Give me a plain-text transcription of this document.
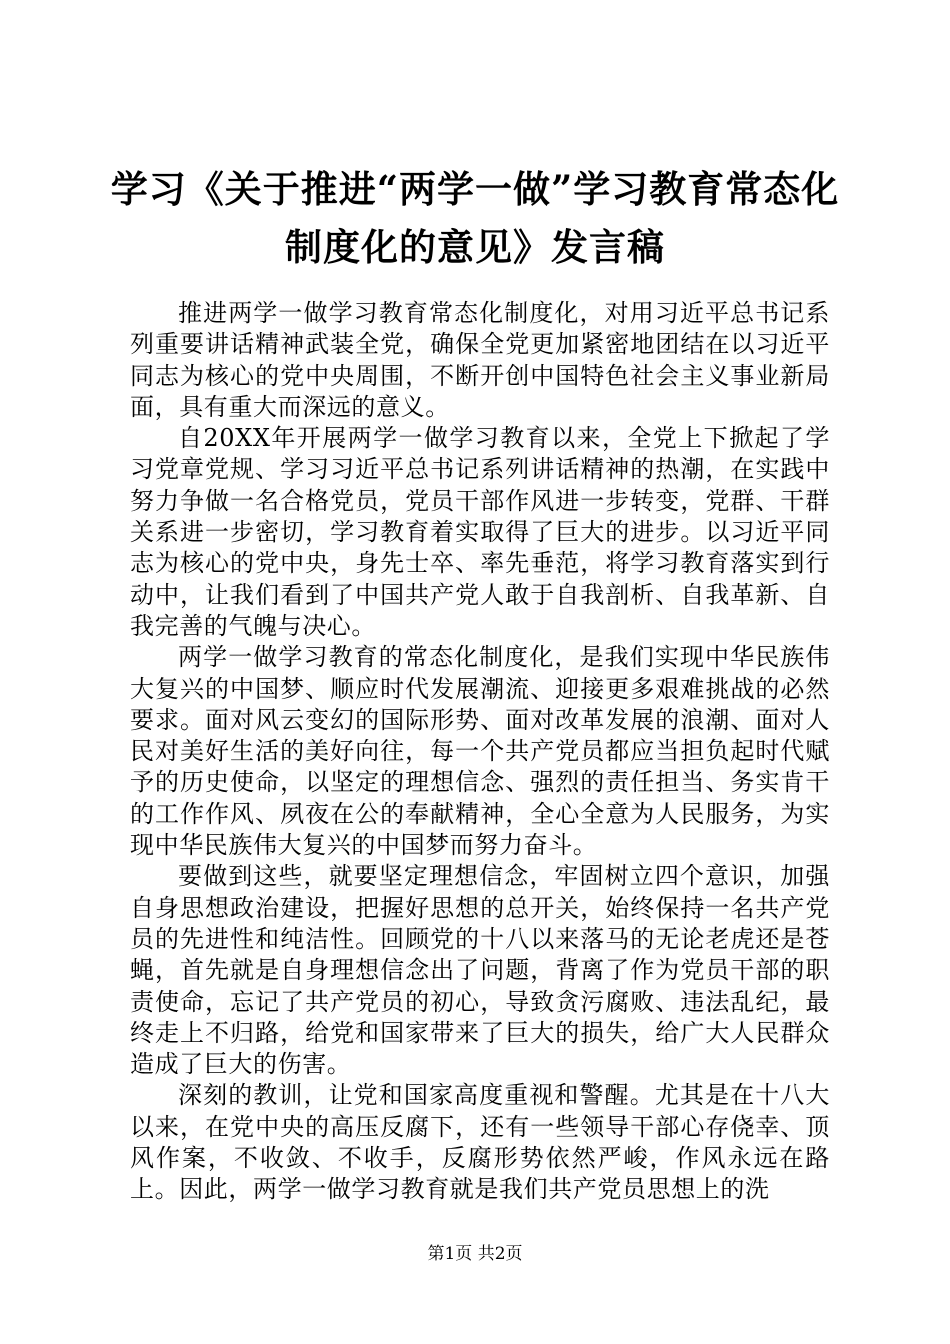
学习《关于推进“两学一做”学习教育常态化
制度化的意见》发言稿

推进两学一做学习教育常态化制度化，对用习近平总书记系列重要讲话精神武装全党，确保全党更加紧密地团结在以习近平同志为核心的党中央周围，不断开创中国特色社会主义事业新局面，具有重大而深远的意义。

自20XX年开展两学一做学习教育以来，全党上下掀起了学习党章党规、学习习近平总书记系列讲话精神的热潮，在实践中努力争做一名合格党员，党员干部作风进一步转变，党群、干群关系进一步密切，学习教育着实取得了巨大的进步。以习近平同志为核心的党中央，身先士卒、率先垂范，将学习教育落实到行动中，让我们看到了中国共产党人敢于自我剖析、自我革新、自我完善的气魄与决心。

两学一做学习教育的常态化制度化，是我们实现中华民族伟大复兴的中国梦、顺应时代发展潮流、迎接更多艰难挑战的必然要求。面对风云变幻的国际形势、面对改革发展的浪潮、面对人民对美好生活的美好向往，每一个共产党员都应当担负起时代赋予的历史使命，以坚定的理想信念、强烈的责任担当、务实肯干的工作作风、夙夜在公的奉献精神，全心全意为人民服务，为实现中华民族伟大复兴的中国梦而努力奋斗。

要做到这些，就要坚定理想信念，牢固树立四个意识，加强自身思想政治建设，把握好思想的总开关，始终保持一名共产党员的先进性和纯洁性。回顾党的十八以来落马的无论老虎还是苍蝇，首先就是自身理想信念出了问题，背离了作为党员干部的职责使命，忘记了共产党员的初心，导致贪污腐败、违法乱纪，最终走上不归路，给党和国家带来了巨大的损失，给广大人民群众造成了巨大的伤害。

深刻的教训，让党和国家高度重视和警醒。尤其是在十八大以来，在党中央的高压反腐下，还有一些领导干部心存侥幸、顶风作案，不收敛、不收手，反腐形势依然严峻，作风永远在路上。因此，两学一做学习教育就是我们共产党员思想上的洗

第1页 共2页
